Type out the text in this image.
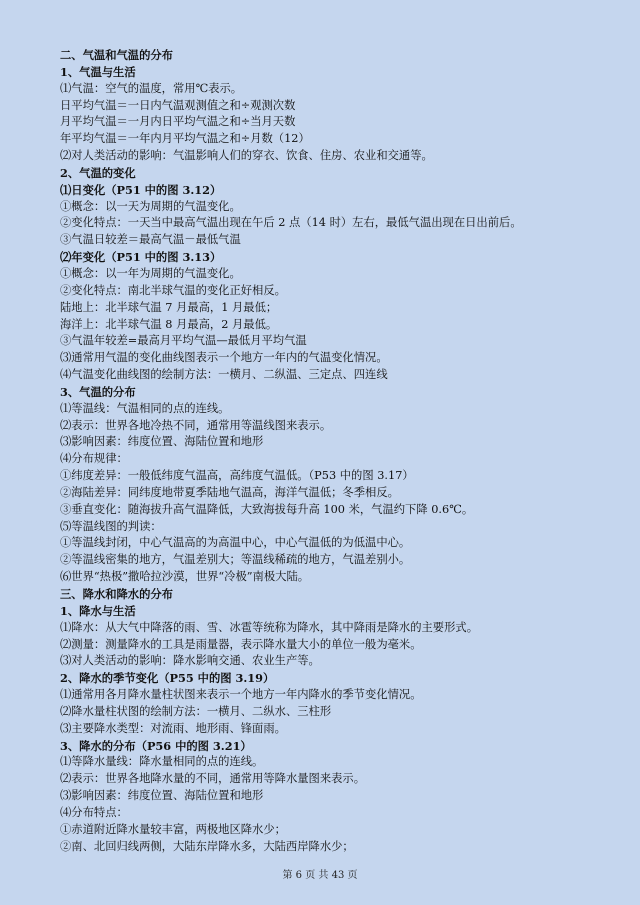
二、气温和气温的分布
1、气温与生活
⑴气温：空气的温度，常用℃表示。
日平均气温＝一日内气温观测值之和÷观测次数
月平均气温＝一月内日平均气温之和÷当月天数
年平均气温＝一年内月平均气温之和÷月数（12）
⑵对人类活动的影响：气温影响人们的穿衣、饮食、住房、农业和交通等。
2、气温的变化
⑴日变化（P51 中的图 3.12）
①概念：以一天为周期的气温变化。
②变化特点：一天当中最高气温出现在午后 2 点（14 时）左右，最低气温出现在日出前后。
③气温日较差＝最高气温－最低气温
⑵年变化（P51 中的图 3.13）
①概念：以一年为周期的气温变化。
②变化特点：南北半球气温的变化正好相反。
陆地上：北半球气温 7 月最高，1 月最低；
海洋上：北半球气温 8 月最高，2 月最低。
③气温年较差=最高月平均气温—最低月平均气温
⑶通常用气温的变化曲线图表示一个地方一年内的气温变化情况。
⑷气温变化曲线图的绘制方法：一横月、二纵温、三定点、四连线
3、气温的分布
⑴等温线：气温相同的点的连线。
⑵表示：世界各地冷热不同，通常用等温线图来表示。
⑶影响因素：纬度位置、海陆位置和地形
⑷分布规律：
①纬度差异：一般低纬度气温高，高纬度气温低。（P53 中的图 3.17）
②海陆差异：同纬度地带夏季陆地气温高，海洋气温低；冬季相反。
③垂直变化：随海拔升高气温降低，大致海拔每升高 100 米，气温约下降 0.6℃。
⑸等温线图的判读：
①等温线封闭，中心气温高的为高温中心，中心气温低的为低温中心。
②等温线密集的地方，气温差别大；等温线稀疏的地方，气温差别小。
⑹世界“热极”撒哈拉沙漠，世界“冷极”南极大陆。
三、降水和降水的分布
1、降水与生活
⑴降水：从大气中降落的雨、雪、冰雹等统称为降水，其中降雨是降水的主要形式。
⑵测量：测量降水的工具是雨量器，表示降水量大小的单位一般为毫米。
⑶对人类活动的影响：降水影响交通、农业生产等。
2、降水的季节变化（P55 中的图 3.19）
⑴通常用各月降水量柱状图来表示一个地方一年内降水的季节变化情况。
⑵降水量柱状图的绘制方法：一横月、二纵水、三柱形
⑶主要降水类型：对流雨、地形雨、锋面雨。
3、降水的分布（P56 中的图 3.21）
⑴等降水量线：降水量相同的点的连线。
⑵表示：世界各地降水量的不同，通常用等降水量图来表示。
⑶影响因素：纬度位置、海陆位置和地形
⑷分布特点：
①赤道附近降水量较丰富，两极地区降水少；
②南、北回归线两侧，大陆东岸降水多，大陆西岸降水少；
第 6 页 共 43 页
